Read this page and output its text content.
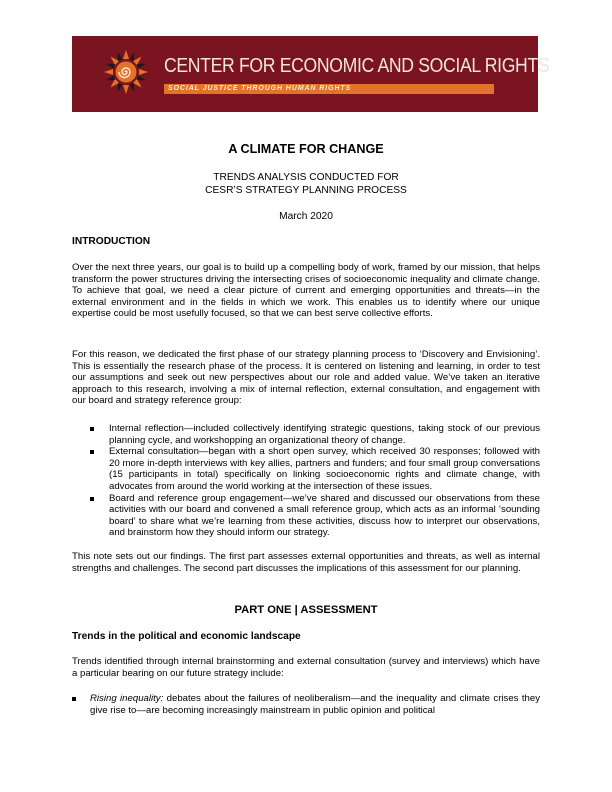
CENTER FOR ECONOMIC AND SOCIAL RIGHTS
SOCIAL JUSTICE THROUGH HUMAN RIGHTS
A CLIMATE FOR CHANGE
TRENDS ANALYSIS CONDUCTED FOR
CESR’S STRATEGY PLANNING PROCESS
March 2020
INTRODUCTION
Over the next three years, our goal is to build up a compelling body of work, framed by our mission, that helps transform the power structures driving the intersecting crises of socioeconomic inequality and climate change. To achieve that goal, we need a clear picture of current and emerging opportunities and threats—in the external environment and in the fields in which we work. This enables us to identify where our unique expertise could be most usefully focused, so that we can best serve collective efforts.
For this reason, we dedicated the first phase of our strategy planning process to ‘Discovery and Envisioning’. This is essentially the research phase of the process. It is centered on listening and learning, in order to test our assumptions and seek out new perspectives about our role and added value. We’ve taken an iterative approach to this research, involving a mix of internal reflection, external consultation, and engagement with our board and strategy reference group:
Internal reflection—included collectively identifying strategic questions, taking stock of our previous planning cycle, and workshopping an organizational theory of change.
External consultation—began with a short open survey, which received 30 responses; followed with 20 more in-depth interviews with key allies, partners and funders; and four small group conversations (15 participants in total) specifically on linking socioeconomic rights and climate change, with advocates from around the world working at the intersection of these issues.
Board and reference group engagement—we’ve shared and discussed our observations from these activities with our board and convened a small reference group, which acts as an informal ‘sounding board’ to share what we’re learning from these activities, discuss how to interpret our observations, and brainstorm how they should inform our strategy.
This note sets out our findings. The first part assesses external opportunities and threats, as well as internal strengths and challenges. The second part discusses the implications of this assessment for our planning.
PART ONE | ASSESSMENT
Trends in the political and economic landscape
Trends identified through internal brainstorming and external consultation (survey and interviews) which have a particular bearing on our future strategy include:
Rising inequality: debates about the failures of neoliberalism—and the inequality and climate crises they give rise to—are becoming increasingly mainstream in public opinion and political
